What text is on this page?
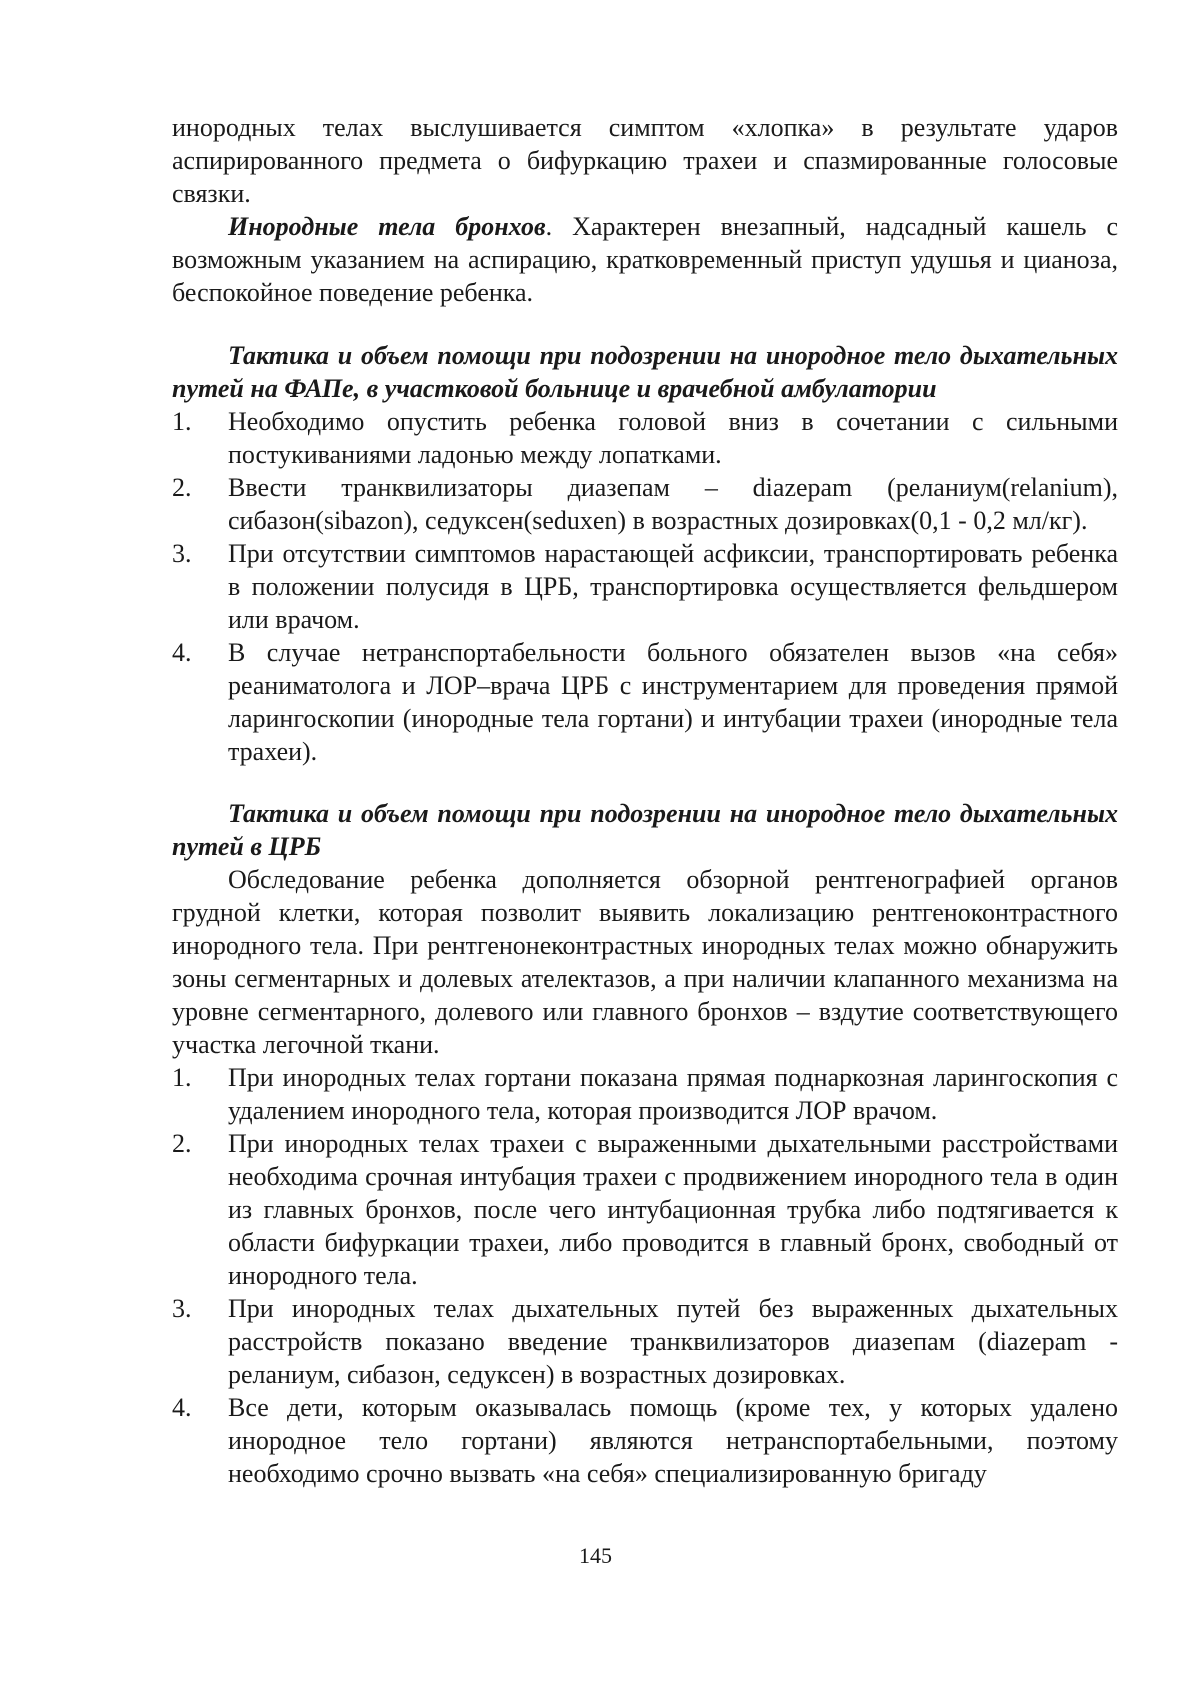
инородных телах выслушивается симптом «хлопка» в результате ударов аспирированного предмета о бифуркацию трахеи и спазмированные голосовые связки.

Инородные тела бронхов. Характерен внезапный, надсадный кашель с возможным указанием на аспирацию, кратковременный приступ удушья и цианоза, беспокойное поведение ребенка.

Тактика и объем помощи при подозрении на инородное тело дыхательных путей на ФАПе, в участковой больнице и врачебной амбулатории

1. Необходимо опустить ребенка головой вниз в сочетании с сильными постукиваниями ладонью между лопатками.
2. Ввести транквилизаторы диазепам – diazepam (реланиум(relanium), сибазон(sibazon), седуксен(seduxen) в возрастных дозировках(0,1 - 0,2 мл/кг).
3. При отсутствии симптомов нарастающей асфиксии, транспортировать ребенка в положении полусидя в ЦРБ, транспортировка осуществляется фельдшером или врачом.
4. В случае нетранспортабельности больного обязателен вызов «на себя» реаниматолога и ЛОР–врача ЦРБ с инструментарием для проведения прямой ларингоскопии (инородные тела гортани) и интубации трахеи (инородные тела трахеи).

Тактика и объем помощи при подозрении на инородное тело дыхательных путей в ЦРБ

Обследование ребенка дополняется обзорной рентгенографией органов грудной клетки, которая позволит выявить локализацию рентгеноконтрастного инородного тела. При рентгенонеконтрастных инородных телах можно обнаружить зоны сегментарных и долевых ателектазов, а при наличии клапанного механизма на уровне сегментарного, долевого или главного бронхов – вздутие соответствующего участка легочной ткани.

1. При инородных телах гортани показана прямая поднаркозная ларингоскопия с удалением инородного тела, которая производится ЛОР врачом.
2. При инородных телах трахеи с выраженными дыхательными расстройствами необходима срочная интубация трахеи с продвижением инородного тела в один из главных бронхов, после чего интубационная трубка либо подтягивается к области бифуркации трахеи, либо проводится в главный бронх, свободный от инородного тела.
3. При инородных телах дыхательных путей без выраженных дыхательных расстройств показано введение транквилизаторов диазепам (diazepam - реланиум, сибазон, седуксен) в возрастных дозировках.
4. Все дети, которым оказывалась помощь (кроме тех, у которых удалено инородное тело гортани) являются нетранспортабельными, поэтому необходимо срочно вызвать «на себя» специализированную бригаду
145
